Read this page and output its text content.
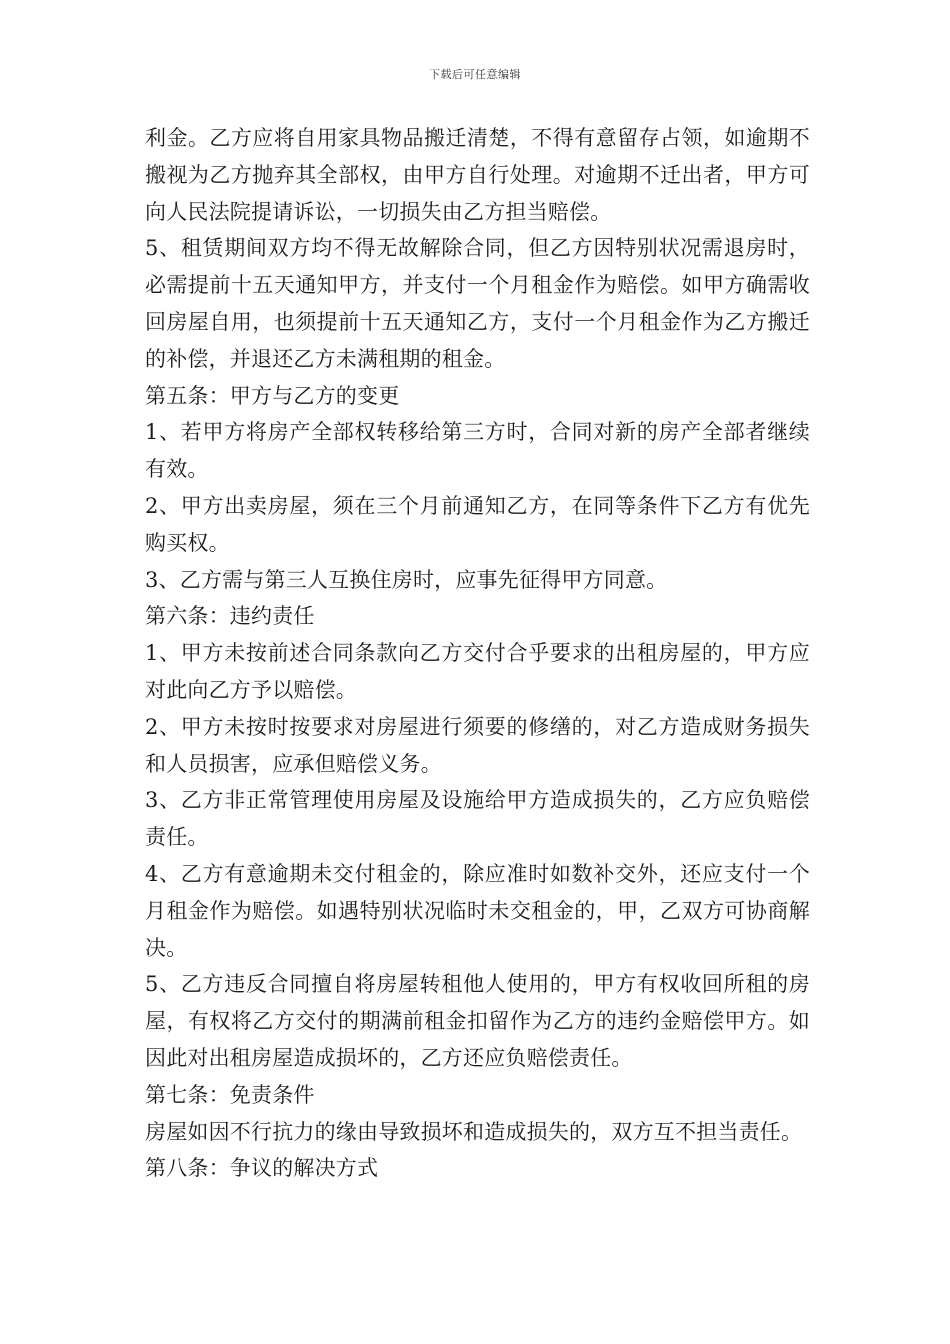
下载后可任意编辑

利金。乙方应将自用家具物品搬迁清楚，不得有意留存占领，如逾期不搬视为乙方抛弃其全部权，由甲方自行处理。对逾期不迁出者，甲方可向人民法院提请诉讼，一切损失由乙方担当赔偿。

5、租赁期间双方均不得无故解除合同，但乙方因特别状况需退房时，必需提前十五天通知甲方，并支付一个月租金作为赔偿。如甲方确需收回房屋自用，也须提前十五天通知乙方，支付一个月租金作为乙方搬迁的补偿，并退还乙方未满租期的租金。

第五条：甲方与乙方的变更

1、若甲方将房产全部权转移给第三方时，合同对新的房产全部者继续有效。

2、甲方出卖房屋，须在三个月前通知乙方，在同等条件下乙方有优先购买权。

3、乙方需与第三人互换住房时，应事先征得甲方同意。

第六条：违约责任

1、甲方未按前述合同条款向乙方交付合乎要求的出租房屋的，甲方应对此向乙方予以赔偿。

2、甲方未按时按要求对房屋进行须要的修缮的，对乙方造成财务损失和人员损害，应承但赔偿义务。

3、乙方非正常管理使用房屋及设施给甲方造成损失的，乙方应负赔偿责任。

4、乙方有意逾期未交付租金的，除应准时如数补交外，还应支付一个月租金作为赔偿。如遇特别状况临时未交租金的，甲，乙双方可协商解决。

5、乙方违反合同擅自将房屋转租他人使用的，甲方有权收回所租的房屋，有权将乙方交付的期满前租金扣留作为乙方的违约金赔偿甲方。如因此对出租房屋造成损坏的，乙方还应负赔偿责任。

第七条：免责条件

房屋如因不行抗力的缘由导致损坏和造成损失的，双方互不担当责任。

第八条：争议的解决方式
